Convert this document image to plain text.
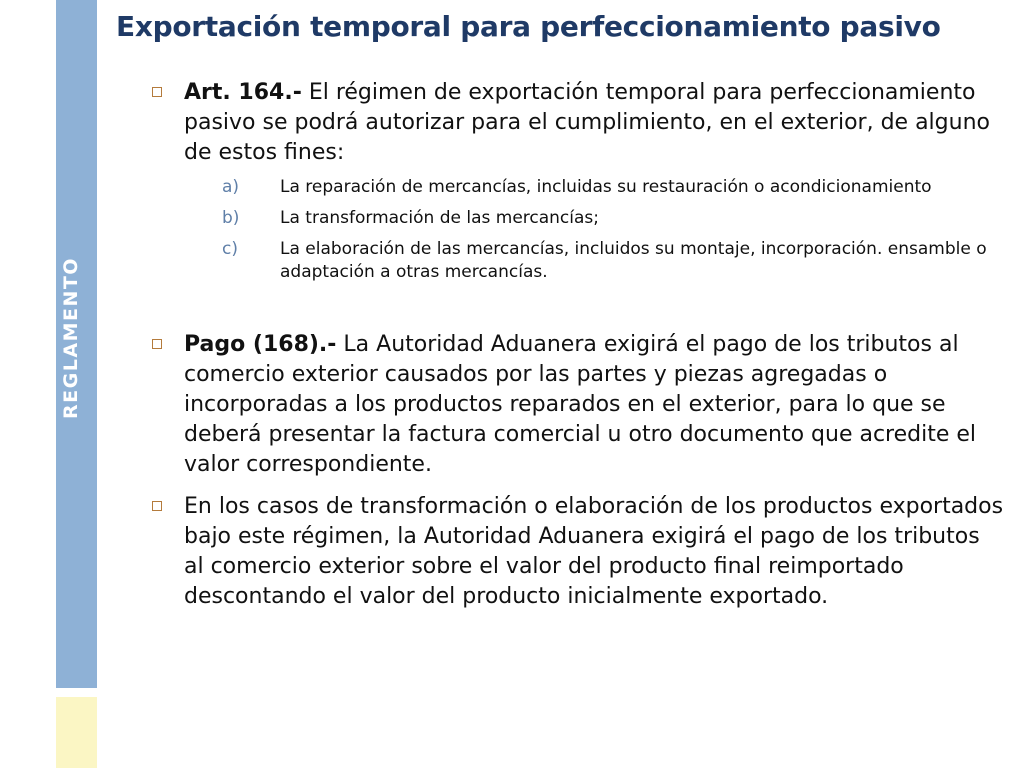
REGLAMENTO
Exportación temporal para perfeccionamiento pasivo
Art. 164.- El régimen de exportación temporal para perfeccionamiento pasivo se podrá autorizar para el cumplimiento, en el exterior, de alguno de estos fines:
a) La reparación de mercancías, incluidas su restauración o acondicionamiento
b) La transformación de las mercancías;
c) La elaboración de las mercancías, incluidos su montaje, incorporación. ensamble o adaptación a otras mercancías.
Pago (168).- La Autoridad Aduanera exigirá el pago de los tributos al comercio exterior causados por las partes y piezas agregadas o incorporadas a los productos reparados en el exterior, para lo que se deberá presentar la factura comercial u otro documento que acredite el valor correspondiente.
En los casos de transformación o elaboración de los productos exportados bajo este régimen, la Autoridad Aduanera exigirá el pago de los tributos al comercio exterior sobre el valor del producto final reimportado descontando el valor del producto inicialmente exportado.
